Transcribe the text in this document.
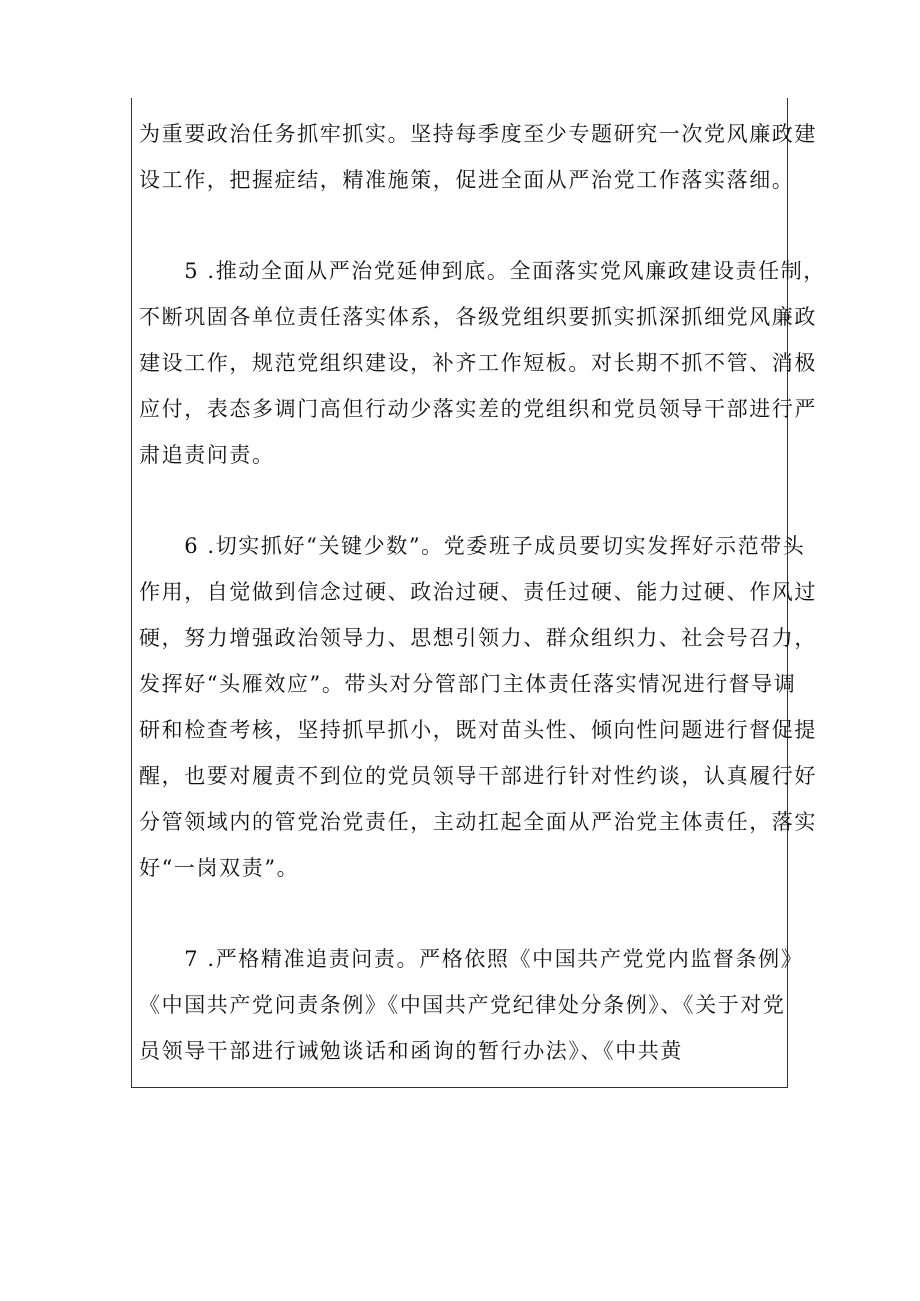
为重要政治任务抓牢抓实。坚持每季度至少专题研究一次党风廉政建
设工作，把握症结，精准施策，促进全面从严治党工作落实落细。
　　5 .推动全面从严治党延伸到底。全面落实党风廉政建设责任制，
不断巩固各单位责任落实体系，各级党组织要抓实抓深抓细党风廉政
建设工作，规范党组织建设，补齐工作短板。对长期不抓不管、消极
应付，表态多调门高但行动少落实差的党组织和党员领导干部进行严
肃追责问责。
　　6 .切实抓好“关键少数”。党委班子成员要切实发挥好示范带头
作用，自觉做到信念过硬、政治过硬、责任过硬、能力过硬、作风过
硬，努力增强政治领导力、思想引领力、群众组织力、社会号召力，
发挥好“头雁效应”。带头对分管部门主体责任落实情况进行督导调
研和检查考核，坚持抓早抓小，既对苗头性、倾向性问题进行督促提
醒，也要对履责不到位的党员领导干部进行针对性约谈，认真履行好
分管领域内的管党治党责任，主动扛起全面从严治党主体责任，落实
好“一岗双责”。
　　7 .严格精准追责问责。严格依照《中国共产党党内监督条例》
《中国共产党问责条例》《中国共产党纪律处分条例》、《关于对党
员领导干部进行诫勉谈话和函询的暂行办法》、《中共黄
